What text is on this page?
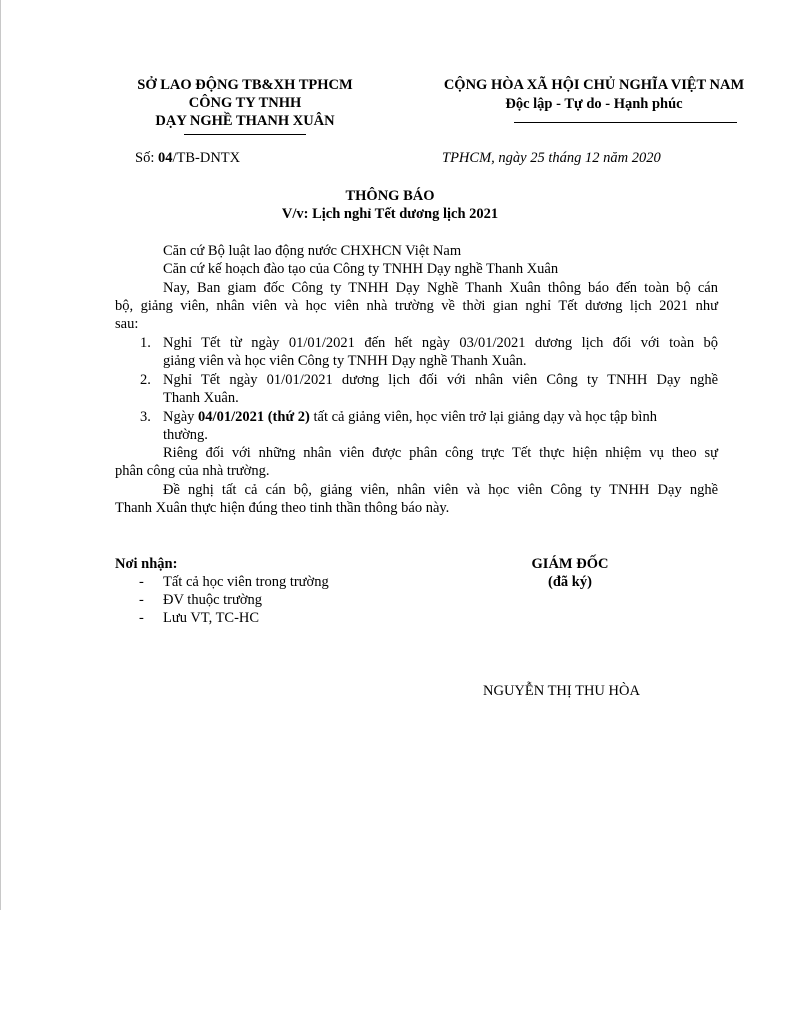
SỞ LAO ĐỘNG TB&XH TPHCM
CÔNG TY TNHH
DẠY NGHỀ THANH XUÂN
CỘNG HÒA XÃ HỘI CHỦ NGHĨA VIỆT NAM
Độc lập - Tự do - Hạnh phúc
Số: 04/TB-DNTX	TPHCM, ngày 25 tháng 12 năm 2020
THÔNG BÁO
V/v: Lịch nghỉ Tết dương lịch 2021
Căn cứ Bộ luật lao động nước CHXHCN Việt Nam
Căn cứ kế hoạch đào tạo của Công ty TNHH Dạy nghề Thanh Xuân
Nay, Ban giam đốc Công ty TNHH Dạy Nghề Thanh Xuân thông báo đến toàn bộ cán
bộ, giảng viên, nhân viên và học viên nhà trường về thời gian nghỉ Tết dương lịch 2021 như
sau:
1. Nghỉ Tết từ ngày 01/01/2021 đến hết ngày 03/01/2021 dương lịch đối với toàn bộ
giảng viên và học viên Công ty TNHH Dạy nghề Thanh Xuân.
2. Nghỉ Tết ngày 01/01/2021 dương lịch đối với nhân viên Công ty TNHH Dạy nghề
Thanh Xuân.
3. Ngày 04/01/2021 (thứ 2) tất cả giảng viên, học viên trở lại giảng dạy và học tập bình
thường.
Riêng đối với những nhân viên được phân công trực Tết thực hiện nhiệm vụ theo sự
phân công của nhà trường.
Đề nghị tất cả cán bộ, giảng viên, nhân viên và học viên Công ty TNHH Dạy nghề
Thanh Xuân thực hiện đúng theo tinh thần thông báo này.
Nơi nhận:
- Tất cả học viên trong trường
- ĐV thuộc trường
- Lưu VT, TC-HC
GIÁM ĐỐC
(đã ký)
NGUYỄN THỊ THU HÒA
